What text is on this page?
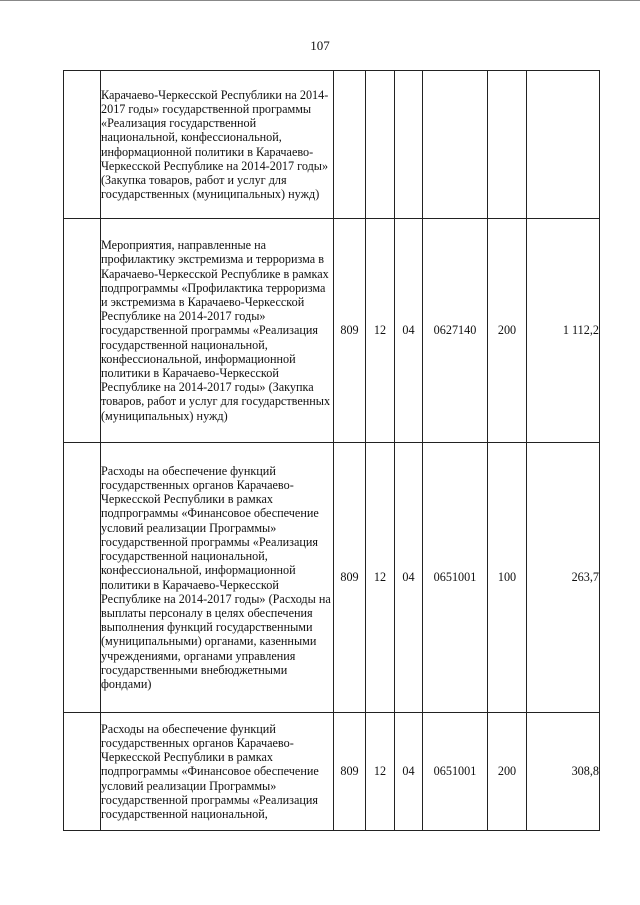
107
	Карачаево-Черкесской Республики на 2014-2017 годы» государственной программы «Реализация государственной национальной, конфессиональной, информационной политики в Карачаево-Черкесской Республике на 2014-2017 годы» (Закупка товаров, работ и услуг для государственных (муниципальных) нужд)						
	Мероприятия, направленные на профилактику экстремизма и терроризма в Карачаево-Черкесской Республике в рамках подпрограммы «Профилактика терроризма и экстремизма в Карачаево-Черкесской Республике на 2014-2017 годы» государственной программы «Реализация государственной национальной, конфессиональной, информационной политики в Карачаево-Черкесской Республике на 2014-2017 годы» (Закупка товаров, работ и услуг для государственных (муниципальных) нужд)	809	12	04	0627140	200	1 112,2
	Расходы на обеспечение функций государственных органов Карачаево-Черкесской Республики в рамках подпрограммы «Финансовое обеспечение условий реализации Программы» государственной программы «Реализация государственной национальной, конфессиональной, информационной политики в Карачаево-Черкесской Республике на 2014-2017 годы» (Расходы на выплаты персоналу в целях обеспечения выполнения функций государственными (муниципальными) органами, казенными учреждениями, органами управления государственными внебюджетными фондами)	809	12	04	0651001	100	263,7
	Расходы на обеспечение функций государственных органов Карачаево-Черкесской Республики в рамках подпрограммы «Финансовое обеспечение условий реализации Программы» государственной программы «Реализация государственной национальной,	809	12	04	0651001	200	308,8
